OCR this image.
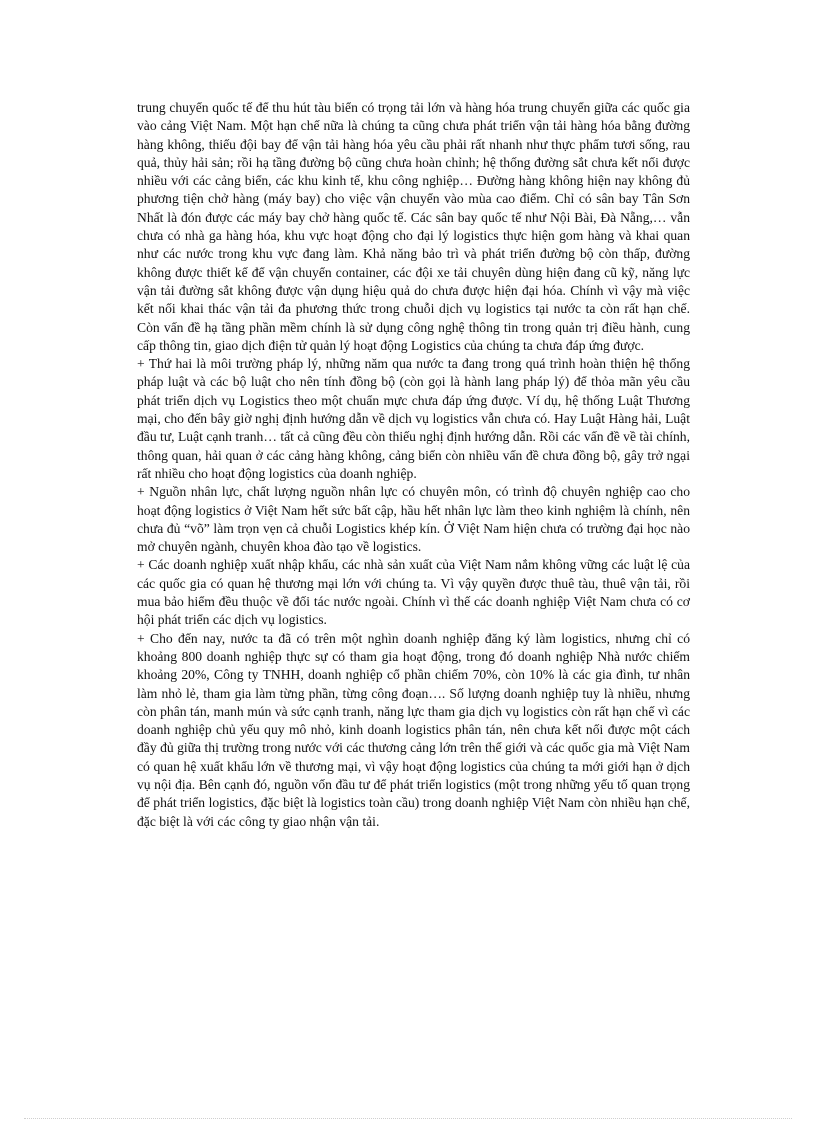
trung chuyển quốc tế để thu hút tàu biển có trọng tải lớn và hàng hóa trung chuyển giữa các quốc gia vào cảng Việt Nam. Một hạn chế nữa là chúng ta cũng chưa phát triển vận tải hàng hóa bằng đường hàng không, thiếu đội bay để vận tải hàng hóa yêu cầu phải rất nhanh như thực phẩm tươi sống, rau quả, thủy hải sản; rồi hạ tầng đường bộ cũng chưa hoàn chỉnh; hệ thống đường sắt chưa kết nối được nhiều với các cảng biển, các khu kinh tế, khu công nghiệp… Đường hàng không hiện nay không đủ phương tiện chở hàng (máy bay) cho việc vận chuyển vào mùa cao điểm. Chỉ có sân bay Tân Sơn Nhất là đón được các máy bay chở hàng quốc tế. Các sân bay quốc tế như Nội Bài, Đà Nẵng,… vẫn chưa có nhà ga hàng hóa, khu vực hoạt động cho đại lý logistics thực hiện gom hàng và khai quan như các nước trong khu vực đang làm. Khả năng bảo trì và phát triển đường bộ còn thấp, đường không được thiết kế để vận chuyển container, các đội xe tải chuyên dùng hiện đang cũ kỹ, năng lực vận tải đường sắt không được vận dụng hiệu quả do chưa được hiện đại hóa. Chính vì vậy mà việc kết nối khai thác vận tải đa phương thức trong chuỗi dịch vụ logistics tại nước ta còn rất hạn chế. Còn vấn đề hạ tầng phần mềm chính là sử dụng công nghệ thông tin trong quản trị điều hành, cung cấp thông tin, giao dịch điện tử quản lý hoạt động Logistics của chúng ta chưa đáp ứng được.

+ Thứ hai là môi trường pháp lý, những năm qua nước ta đang trong quá trình hoàn thiện hệ thống pháp luật và các bộ luật cho nên tính đồng bộ (còn gọi là hành lang pháp lý) để thỏa mãn yêu cầu phát triển dịch vụ Logistics theo một chuẩn mực chưa đáp ứng được. Ví dụ, hệ thống Luật Thương mại, cho đến bây giờ nghị định hướng dẫn về dịch vụ logistics vẫn chưa có. Hay Luật Hàng hải, Luật đầu tư, Luật cạnh tranh… tất cả cũng đều còn thiếu nghị định hướng dẫn. Rồi các vấn đề về tài chính, thông quan, hải quan ở các cảng hàng không, cảng biển còn nhiều vấn đề chưa đồng bộ, gây trở ngại rất nhiều cho hoạt động logistics của doanh nghiệp.

+ Nguồn nhân lực, chất lượng nguồn nhân lực có chuyên môn, có trình độ chuyên nghiệp cao cho hoạt động logistics ở Việt Nam hết sức bất cập, hầu hết nhân lực làm theo kinh nghiệm là chính, nên chưa đủ “võ” làm trọn vẹn cả chuỗi Logistics khép kín. Ở Việt Nam hiện chưa có trường đại học nào mở chuyên ngành, chuyên khoa đào tạo về logistics.

+ Các doanh nghiệp xuất nhập khẩu, các nhà sản xuất của Việt Nam nắm không vững các luật lệ của các quốc gia có quan hệ thương mại lớn với chúng ta. Vì vậy quyền được thuê tàu, thuê vận tải, rồi mua bảo hiểm đều thuộc về đối tác nước ngoài. Chính vì thế các doanh nghiệp Việt Nam chưa có cơ hội phát triển các dịch vụ logistics.

+ Cho đến nay, nước ta đã có trên một nghìn doanh nghiệp đăng ký làm logistics, nhưng chỉ có khoảng 800 doanh nghiệp thực sự có tham gia hoạt động, trong đó doanh nghiệp Nhà nước chiếm khoảng 20%, Công ty TNHH, doanh nghiệp cổ phần chiếm 70%, còn 10% là các gia đình, tư nhân làm nhỏ lẻ, tham gia làm từng phần, từng công đoạn…. Số lượng doanh nghiệp tuy là nhiều, nhưng còn phân tán, manh mún và sức cạnh tranh, năng lực tham gia dịch vụ logistics còn rất hạn chế vì các doanh nghiệp chủ yếu quy mô nhỏ, kinh doanh logistics phân tán, nên chưa kết nối được một cách đầy đủ giữa thị trường trong nước với các thương cảng lớn trên thế giới và các quốc gia mà Việt Nam có quan hệ xuất khẩu lớn về thương mại, vì vậy hoạt động logistics của chúng ta mới giới hạn ở dịch vụ nội địa. Bên cạnh đó, nguồn vốn đầu tư để phát triển logistics (một trong những yếu tố quan trọng để phát triển logistics, đặc biệt là logistics toàn cầu) trong doanh nghiệp Việt Nam còn nhiều hạn chế, đặc biệt là với các công ty giao nhận vận tải.
